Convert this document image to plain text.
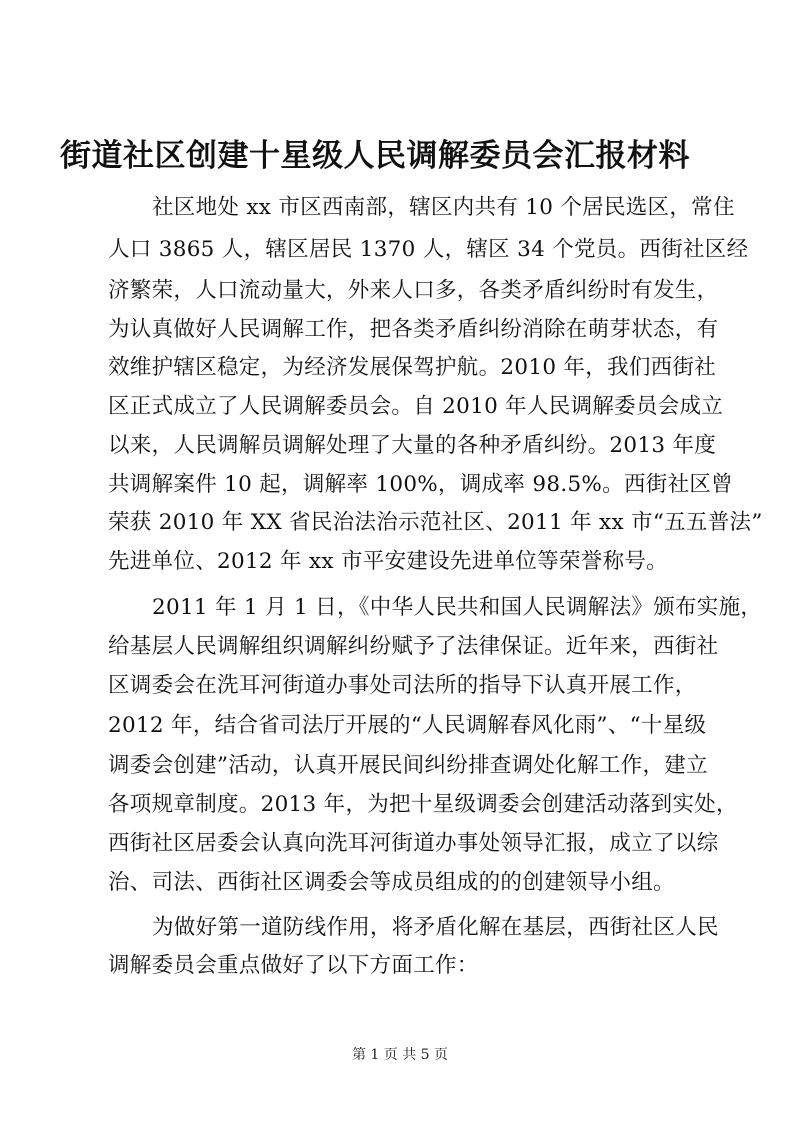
街道社区创建十星级人民调解委员会汇报材料
社区地处 xx 市区西南部，辖区内共有 10 个居民选区，常住
人口 3865 人，辖区居民 1370 人，辖区 34 个党员。西街社区经
济繁荣，人口流动量大，外来人口多，各类矛盾纠纷时有发生，
为认真做好人民调解工作，把各类矛盾纠纷消除在萌芽状态，有
效维护辖区稳定，为经济发展保驾护航。2010 年，我们西街社
区正式成立了人民调解委员会。自 2010 年人民调解委员会成立
以来，人民调解员调解处理了大量的各种矛盾纠纷。2013 年度
共调解案件 10 起，调解率 100%，调成率 98.5%。西街社区曾
荣获 2010 年 XX 省民治法治示范社区、2011 年 xx 市“五五普法”
先进单位、2012 年 xx 市平安建设先进单位等荣誉称号。
2011 年 1 月 1 日，《中华人民共和国人民调解法》颁布实施，
给基层人民调解组织调解纠纷赋予了法律保证。近年来，西街社
区调委会在洗耳河街道办事处司法所的指导下认真开展工作，
2012 年，结合省司法厅开展的“人民调解春风化雨”、“十星级
调委会创建”活动，认真开展民间纠纷排查调处化解工作，建立
各项规章制度。2013 年，为把十星级调委会创建活动落到实处，
西街社区居委会认真向洗耳河街道办事处领导汇报，成立了以综
治、司法、西街社区调委会等成员组成的的创建领导小组。
为做好第一道防线作用，将矛盾化解在基层，西街社区人民
调解委员会重点做好了以下方面工作：
第 1 页 共 5 页
